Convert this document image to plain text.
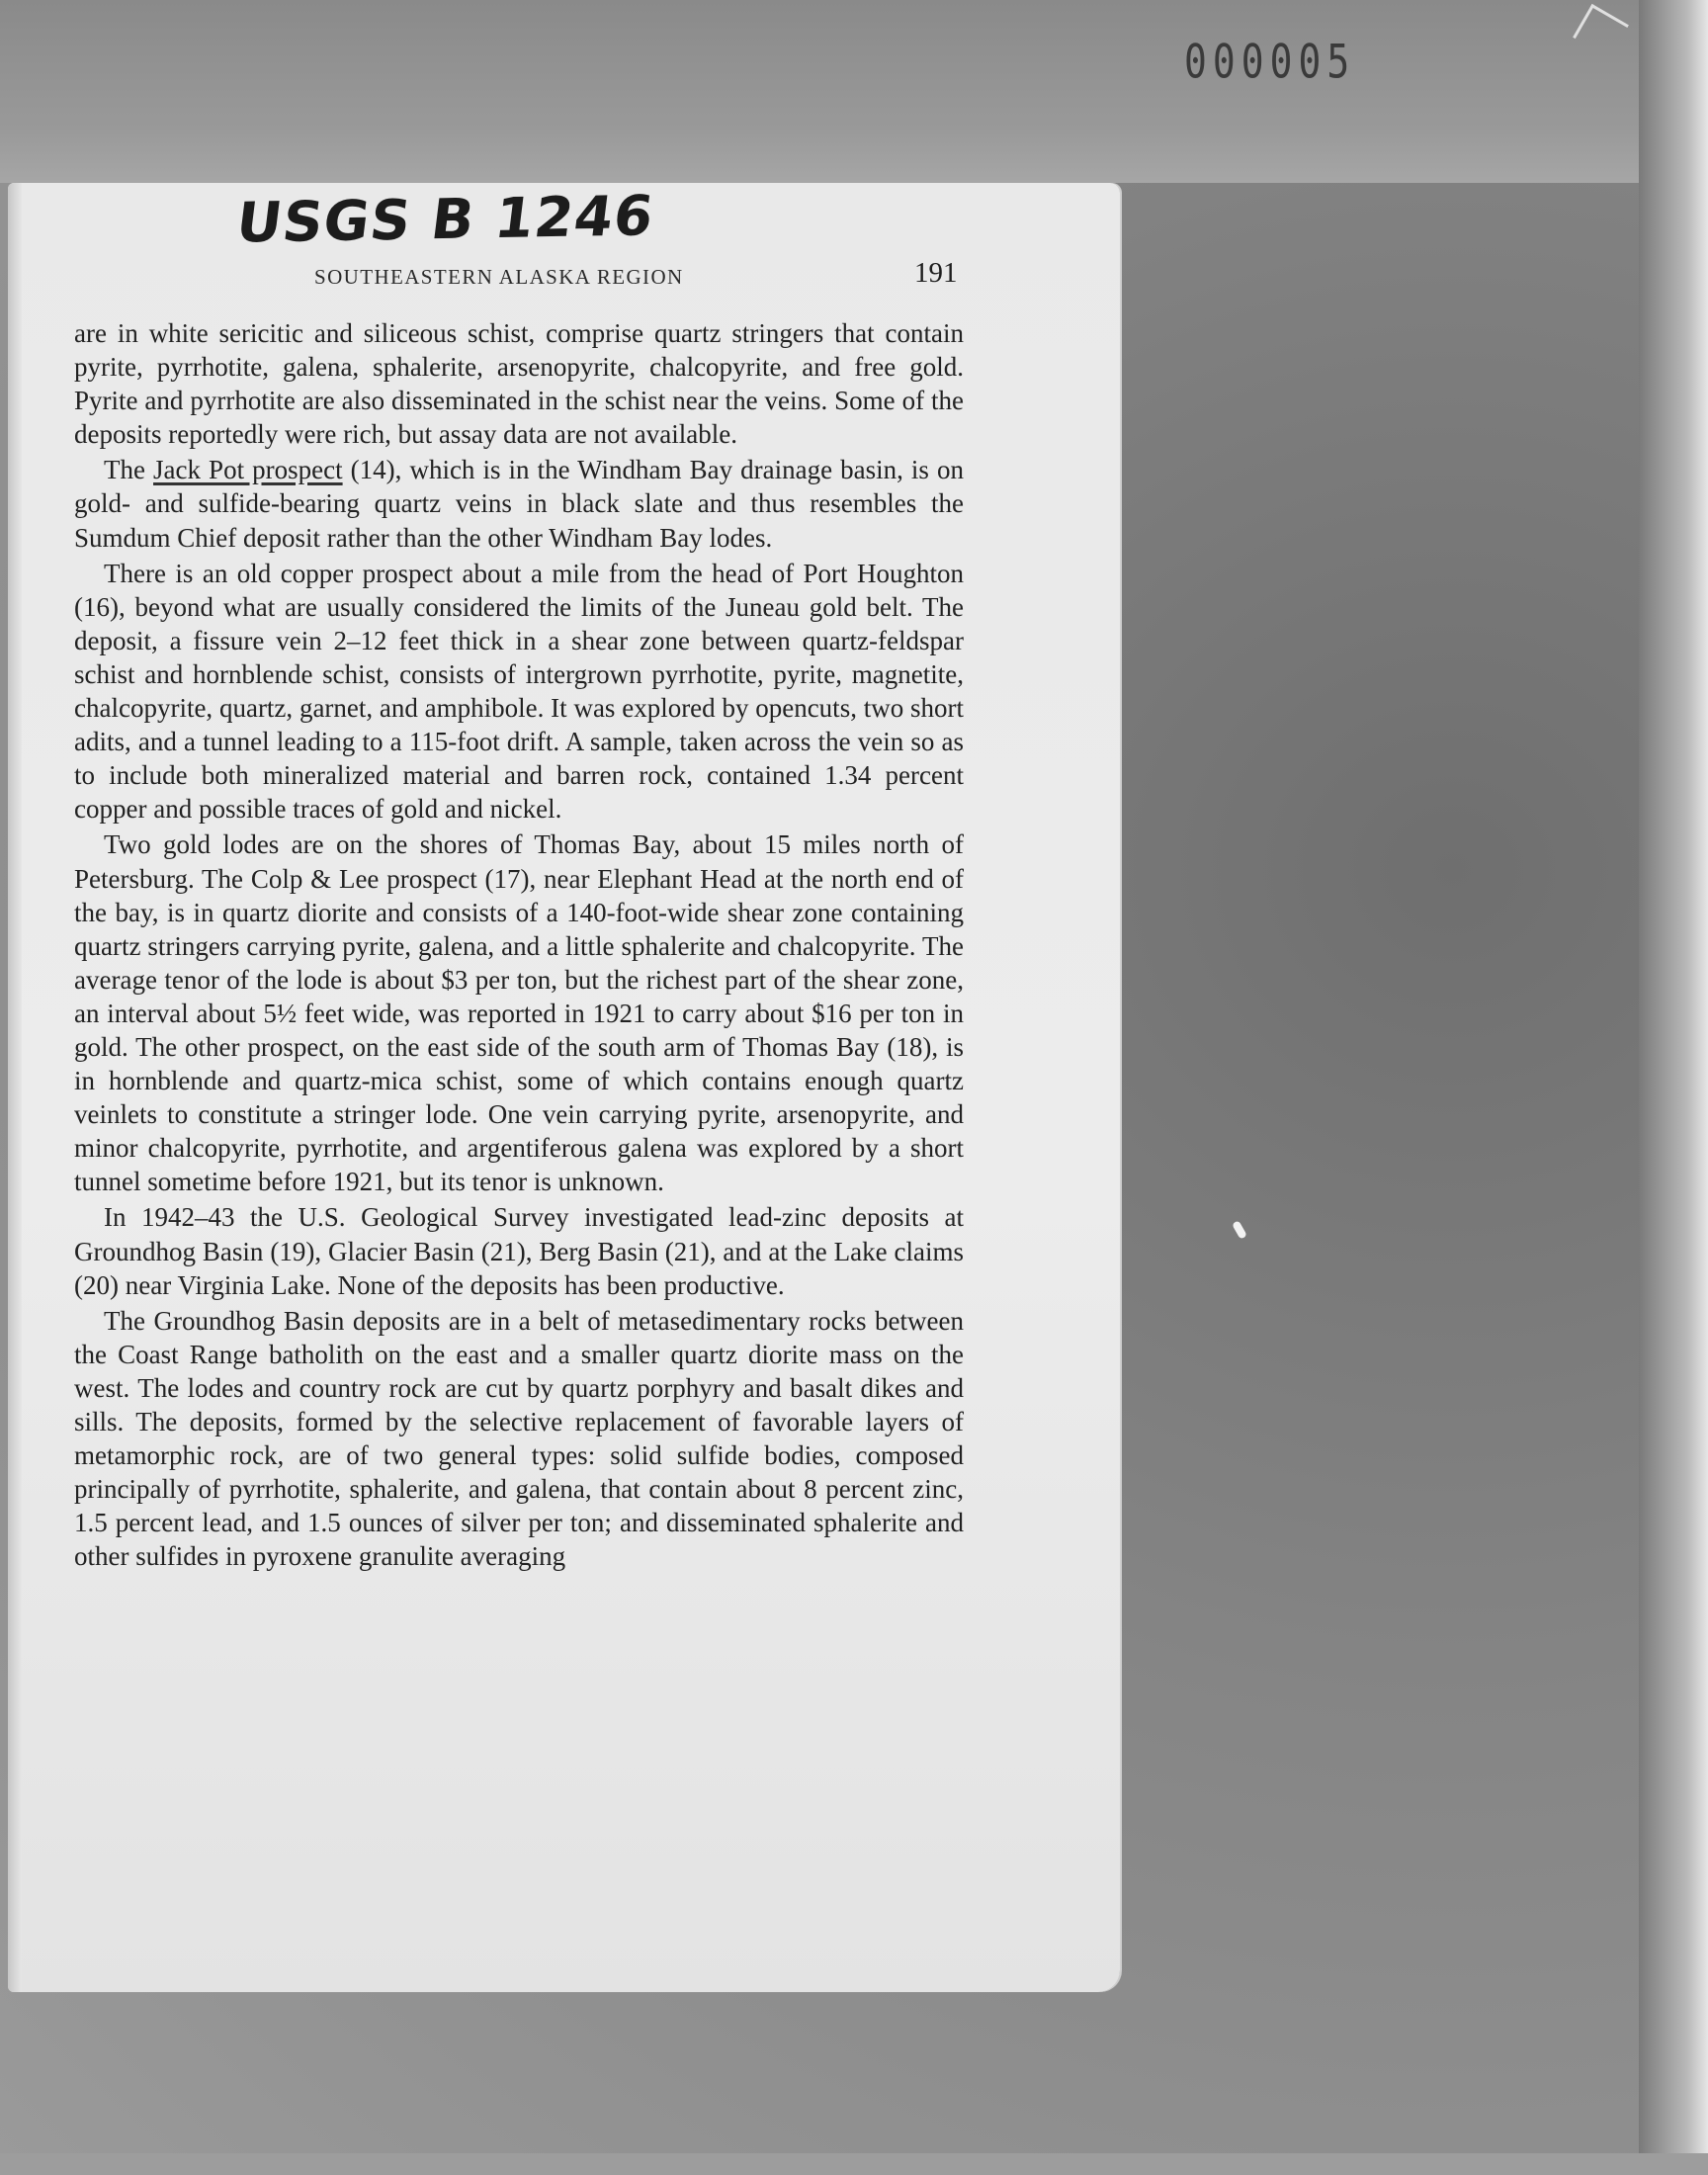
000005
USGS B 1246
SOUTHEASTERN ALASKA REGION	191

are in white sericitic and siliceous schist, comprise quartz stringers that contain pyrite, pyrrhotite, galena, sphalerite, arsenopyrite, chalcopyrite, and free gold. Pyrite and pyrrhotite are also disseminated in the schist near the veins. Some of the deposits reportedly were rich, but assay data are not available.

The Jack Pot prospect (14), which is in the Windham Bay drainage basin, is on gold- and sulfide-bearing quartz veins in black slate and thus resembles the Sumdum Chief deposit rather than the other Windham Bay lodes.

There is an old copper prospect about a mile from the head of Port Houghton (16), beyond what are usually considered the limits of the Juneau gold belt. The deposit, a fissure vein 2–12 feet thick in a shear zone between quartz-feldspar schist and hornblende schist, consists of intergrown pyrrhotite, pyrite, magnetite, chalcopyrite, quartz, garnet, and amphibole. It was explored by opencuts, two short adits, and a tunnel leading to a 115-foot drift. A sample, taken across the vein so as to include both mineralized material and barren rock, contained 1.34 percent copper and possible traces of gold and nickel.

Two gold lodes are on the shores of Thomas Bay, about 15 miles north of Petersburg. The Colp & Lee prospect (17), near Elephant Head at the north end of the bay, is in quartz diorite and consists of a 140-foot-wide shear zone containing quartz stringers carrying pyrite, galena, and a little sphalerite and chalcopyrite. The average tenor of the lode is about $3 per ton, but the richest part of the shear zone, an interval about 5½ feet wide, was reported in 1921 to carry about $16 per ton in gold. The other prospect, on the east side of the south arm of Thomas Bay (18), is in hornblende and quartz-mica schist, some of which contains enough quartz veinlets to constitute a stringer lode. One vein carrying pyrite, arsenopyrite, and minor chalcopyrite, pyrrhotite, and argentiferous galena was explored by a short tunnel sometime before 1921, but its tenor is unknown.

In 1942–43 the U.S. Geological Survey investigated lead-zinc deposits at Groundhog Basin (19), Glacier Basin (21), Berg Basin (21), and at the Lake claims (20) near Virginia Lake. None of the deposits has been productive.

The Groundhog Basin deposits are in a belt of metasedimentary rocks between the Coast Range batholith on the east and a smaller quartz diorite mass on the west. The lodes and country rock are cut by quartz porphyry and basalt dikes and sills. The deposits, formed by the selective replacement of favorable layers of metamorphic rock, are of two general types: solid sulfide bodies, composed principally of pyrrhotite, sphalerite, and galena, that contain about 8 percent zinc, 1.5 percent lead, and 1.5 ounces of silver per ton; and disseminated sphalerite and other sulfides in pyroxene granulite averaging
